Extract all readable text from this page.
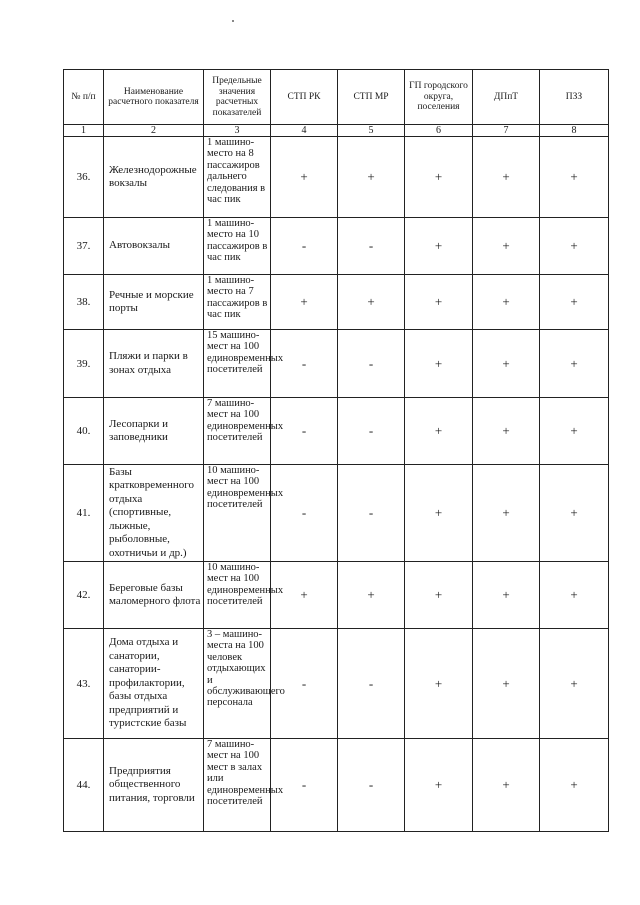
№ п/п	Наименование расчетного показателя	Предельные значения расчетных показателей	СТП РК	СТП МР	ГП городского округа, поселения	ДПпТ	ПЗЗ
1	2	3	4	5	6	7	8
36.	Железнодорожные вокзалы	1 машино-место на 8 пассажиров дальнего следования в час пик	+	+	+	+	+
37.	Автовокзалы	1 машино-место на 10 пассажиров в час пик	-	-	+	+	+
38.	Речные и морские порты	1 машино-место на 7 пассажиров в час пик	+	+	+	+	+
39.	Пляжи и парки в зонах отдыха	15 машино-мест на 100 единовременных посетителей	-	-	+	+	+
40.	Лесопарки и заповедники	7 машино-мест на 100 единовременных посетителей	-	-	+	+	+
41.	Базы кратковременного отдыха (спортивные, лыжные, рыболовные, охотничьи и др.)	10 машино-мест на 100 единовременных посетителей	-	-	+	+	+
42.	Береговые базы маломерного флота	10 машино-мест на 100 единовременных посетителей	+	+	+	+	+
43.	Дома отдыха и санатории, санатории-профилактории, базы отдыха предприятий и туристские базы	3 – машино-места на 100 человек отдыхающих и обслуживающего персонала	-	-	+	+	+
44.	Предприятия общественного питания, торговли	7 машино-мест на 100 мест в залах или единовременных посетителей	-	-	+	+	+
